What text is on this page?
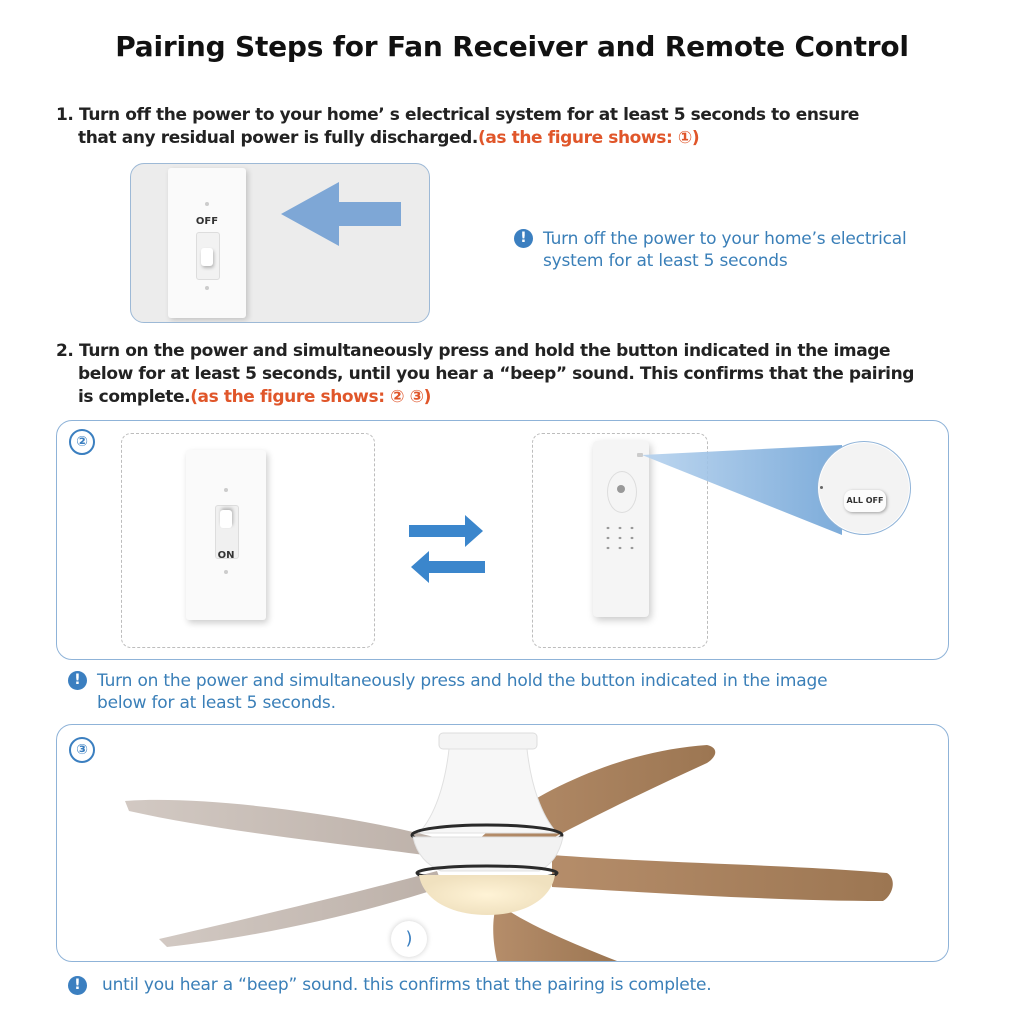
Pairing Steps for Fan Receiver and Remote Control
1. Turn off the power to your home’ s electrical system for at least 5 seconds to ensure
that any residual power is fully discharged.(as the figure shows: ①)
OFF
! Turn off the power to your home’s electrical
system for at least 5 seconds
2. Turn on the power and simultaneously press and hold the button indicated in the image
below for at least 5 seconds, until you hear a “beep” sound. This confirms that the pairing
is complete.(as the figure shows: ② ③)
②
ON
ALL OFF
! Turn on the power and simultaneously press and hold the button indicated in the image
below for at least 5 seconds.
③
)
!	until you hear a “beep” sound. this confirms that the pairing is complete.
